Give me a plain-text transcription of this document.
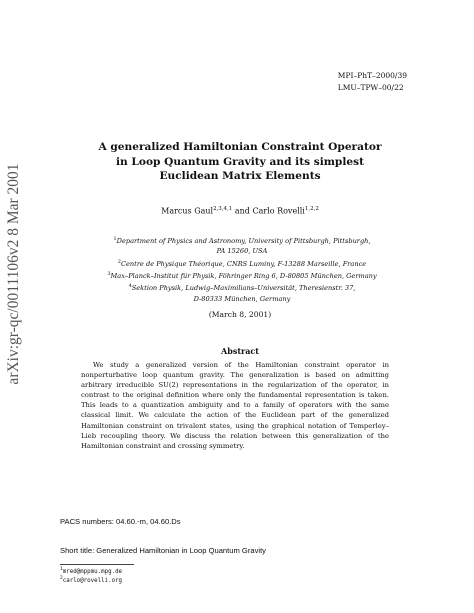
arXiv:gr-qc/0011106v2 8 Mar 2001
MPI–PhT–2000/39
LMU–TPW–00/22
A generalized Hamiltonian Constraint Operator
in Loop Quantum Gravity and its simplest
Euclidean Matrix Elements
Marcus Gaul$^{2,3,4,1}$ and Carlo Rovelli$^{1,2,2}$
$^1$Department of Physics and Astronomy, University of Pittsburgh, Pittsburgh,
PA 15260, USA
$^2$Centre de Physique Théorique, CNRS Luminy, F-13288 Marseille, France
$^3$Max–Planck–Institut für Physik, Föhringer Ring 6, D-80805 München, Germany
$^4$Sektion Physik, Ludwig–Maximilians–Universität, Theresienstr. 37,
D-80333 München, Germany
(March 8, 2001)
Abstract
We study a generalized version of the Hamiltonian constraint operator in nonperturbative loop quantum gravity. The generalization is based on admitting arbitrary irreducible SU(2) representations in the regularization of the operator, in contrast to the original definition where only the fundamental representation is taken. This leads to a quantization ambiguity and to a family of operators with the same classical limit. We calculate the action of the Euclidean part of the generalized Hamiltonian constraint on trivalent states, using the graphical notation of Temperley–Lieb recoupling theory. We discuss the relation between this generalization of the Hamiltonian constraint and crossing symmetry.
PACS numbers: 04.60.-m, 04.60.Ds
Short title: Generalized Hamiltonian in Loop Quantum Gravity
$^1$mred@mppmu.mpg.de
$^2$carlo@rovelli.org
